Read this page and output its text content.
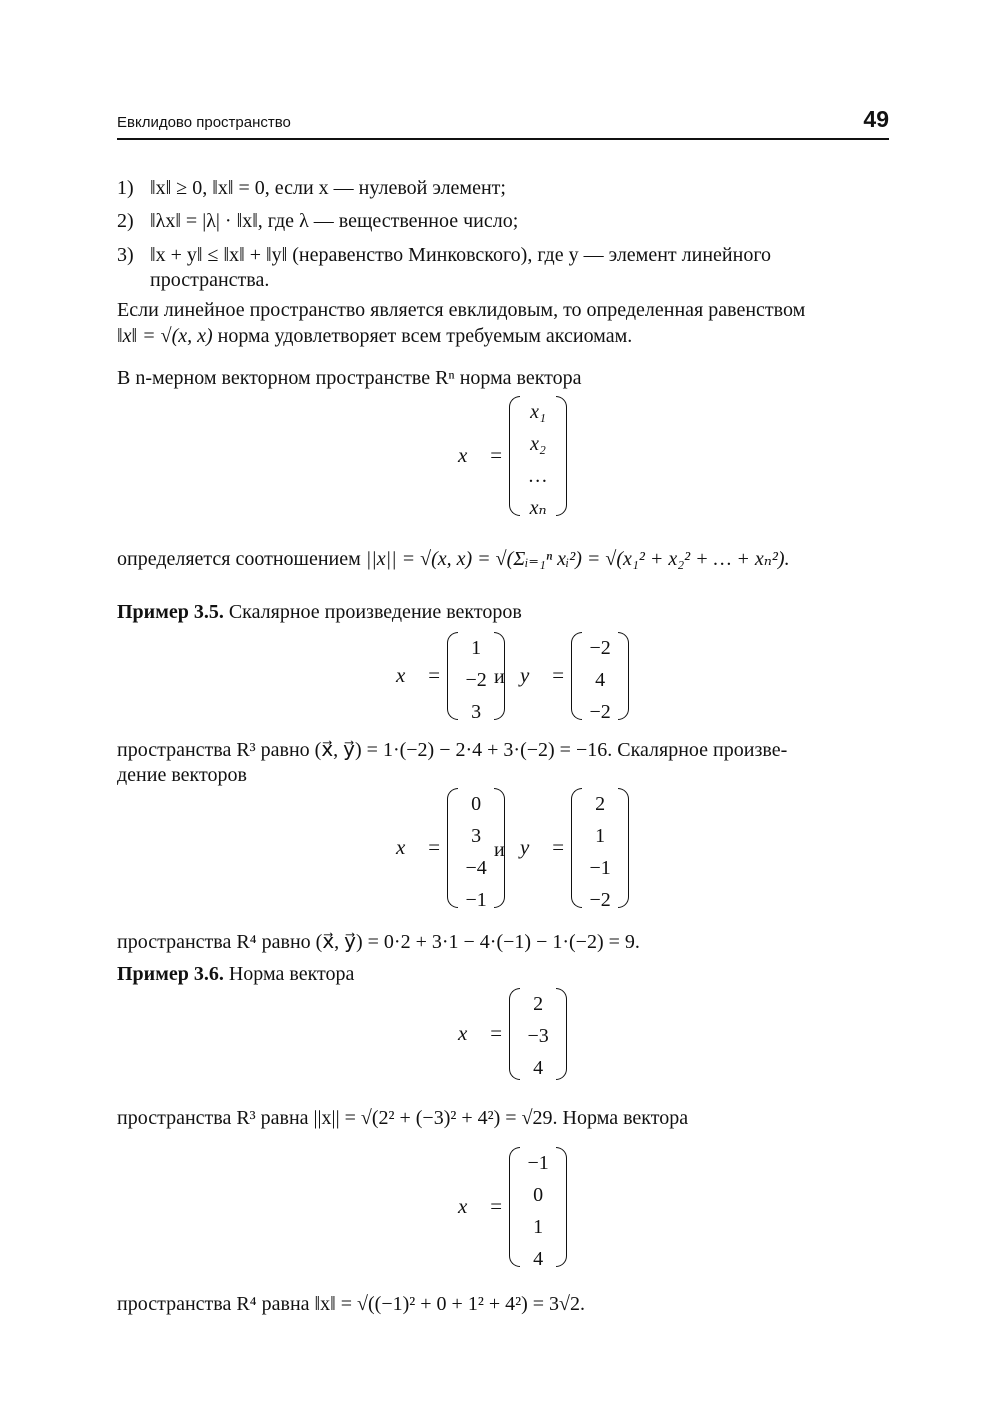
Евклидово пространство	49
1) ‖x‖ ≥ 0, ‖x‖ = 0, если x — нулевой элемент;
2) ‖λx‖ = |λ| · ‖x‖, где λ — вещественное число;
3) ‖x + y‖ ≤ ‖x‖ + ‖y‖ (неравенство Минковского), где y — элемент линейного
пространства.
Если линейное пространство является евклидовым, то определенная равенством
‖x‖ = √(x, x) норма удовлетворяет всем требуемым аксиомам.
В n-мерном векторном пространстве Rⁿ норма вектора
x⃗ =
x₁
x₂
…
xₙ
определяется соотношением ||x|| = √(x, x) = √(Σᵢ₌₁ⁿ xᵢ²) = √(x₁² + x₂² + … + xₙ²).
Пример 3.5. Скалярное произведение векторов
x⃗ =
1
−2
3
и y⃗ =
−2
4
−2
пространства R³ равно (x⃗, y⃗) = 1·(−2) − 2·4 + 3·(−2) = −16. Скалярное произве-
дение векторов
x⃗ =
0
3
−4
−1
и y⃗ =
2
1
−1
−2
пространства R⁴ равно (x⃗, y⃗) = 0·2 + 3·1 − 4·(−1) − 1·(−2) = 9.
Пример 3.6. Норма вектора
x⃗ =
2
−3
4
пространства R³ равна ||x|| = √(2² + (−3)² + 4²) = √29. Норма вектора
x⃗ =
−1
0
1
4
пространства R⁴ равна ‖x‖ = √((−1)² + 0 + 1² + 4²) = 3√2.
